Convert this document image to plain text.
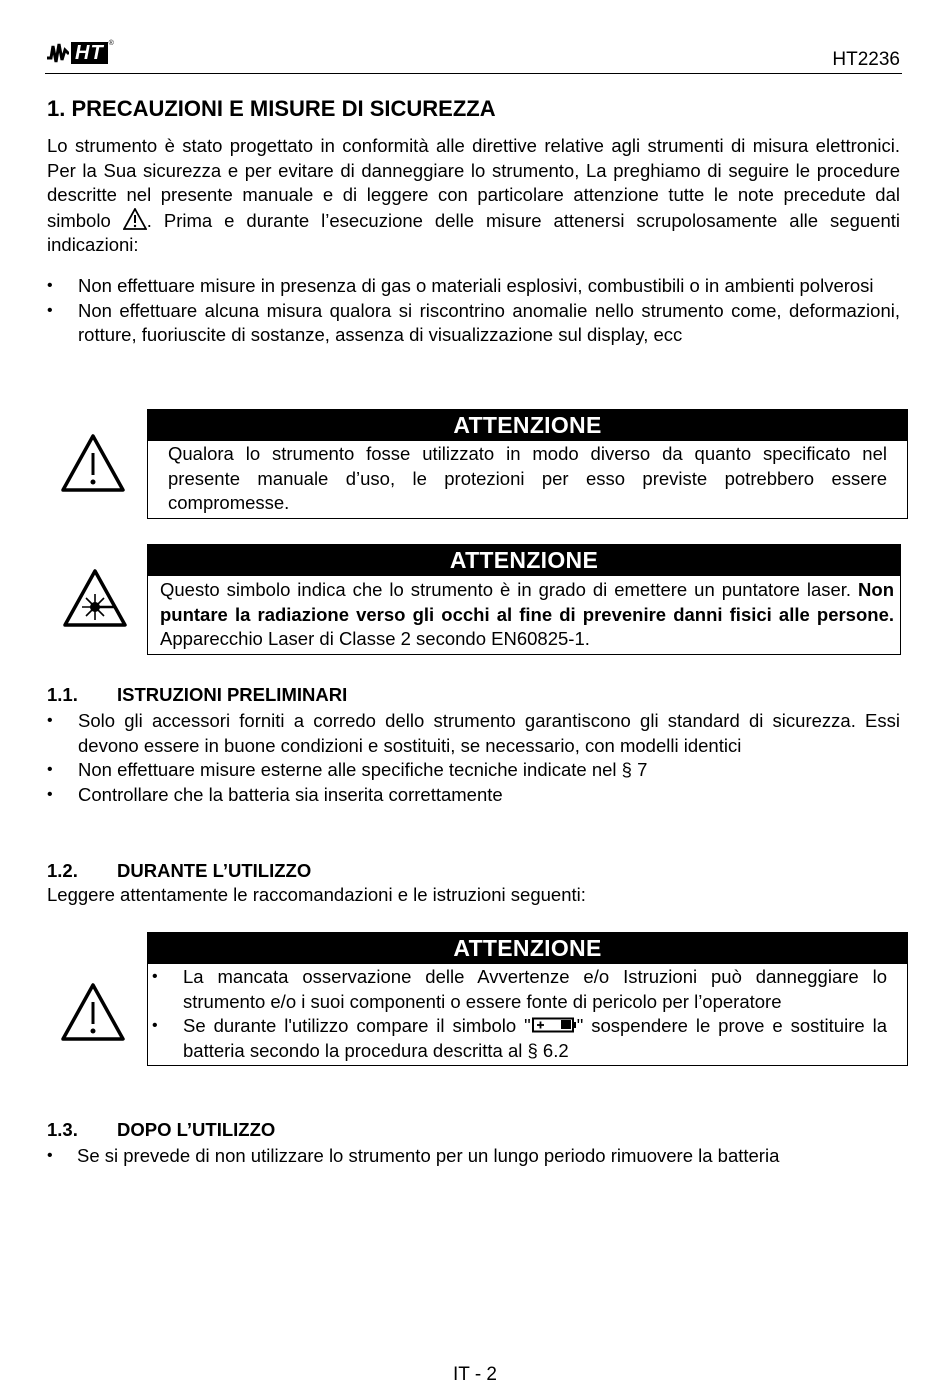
HT ®
HT2236
1. PRECAUZIONI E MISURE DI SICUREZZA

Lo strumento è stato progettato in conformità alle direttive relative agli strumenti di misura elettronici. Per la Sua sicurezza e per evitare di danneggiare lo strumento, La preghiamo di seguire le procedure descritte nel presente manuale e di leggere con particolare attenzione tutte le note precedute dal simbolo . Prima e durante l’esecuzione delle misure attenersi scrupolosamente alle seguenti indicazioni:

•	Non effettuare misure in presenza di gas o materiali esplosivi, combustibili o in ambienti polverosi
•	Non effettuare alcuna misura qualora si riscontrino anomalie nello strumento come, deformazioni, rotture, fuoriuscite di sostanze, assenza di visualizzazione sul display, ecc
ATTENZIONE
Qualora lo strumento fosse utilizzato in modo diverso da quanto specificato nel presente manuale d’uso, le protezioni per esso previste potrebbero essere compromesse.
ATTENZIONE
Questo simbolo indica che lo strumento è in grado di emettere un puntatore laser. Non puntare la radiazione verso gli occhi al fine di prevenire danni fisici alle persone. Apparecchio Laser di Classe 2 secondo EN60825-1.
1.1. ISTRUZIONI PRELIMINARI
•	Solo gli accessori forniti a corredo dello strumento garantiscono gli standard di sicurezza. Essi devono essere in buone condizioni e sostituiti, se necessario, con modelli identici
•	Non effettuare misure esterne alle specifiche tecniche indicate nel § 7
•	Controllare che la batteria sia inserita correttamente
1.2. DURANTE L’UTILIZZO

Leggere attentamente le raccomandazioni e le istruzioni seguenti:

ATTENZIONE
•	La mancata osservazione delle Avvertenze e/o Istruzioni può danneggiare lo strumento e/o i suoi componenti o essere fonte di pericolo per l’operatore
•	Se durante l'utilizzo compare il simbolo " " sospendere le prove e sostituire la batteria secondo la procedura descritta al § 6.2
1.3. DOPO L’UTILIZZO
•	Se si prevede di non utilizzare lo strumento per un lungo periodo rimuovere la batteria
IT - 2
